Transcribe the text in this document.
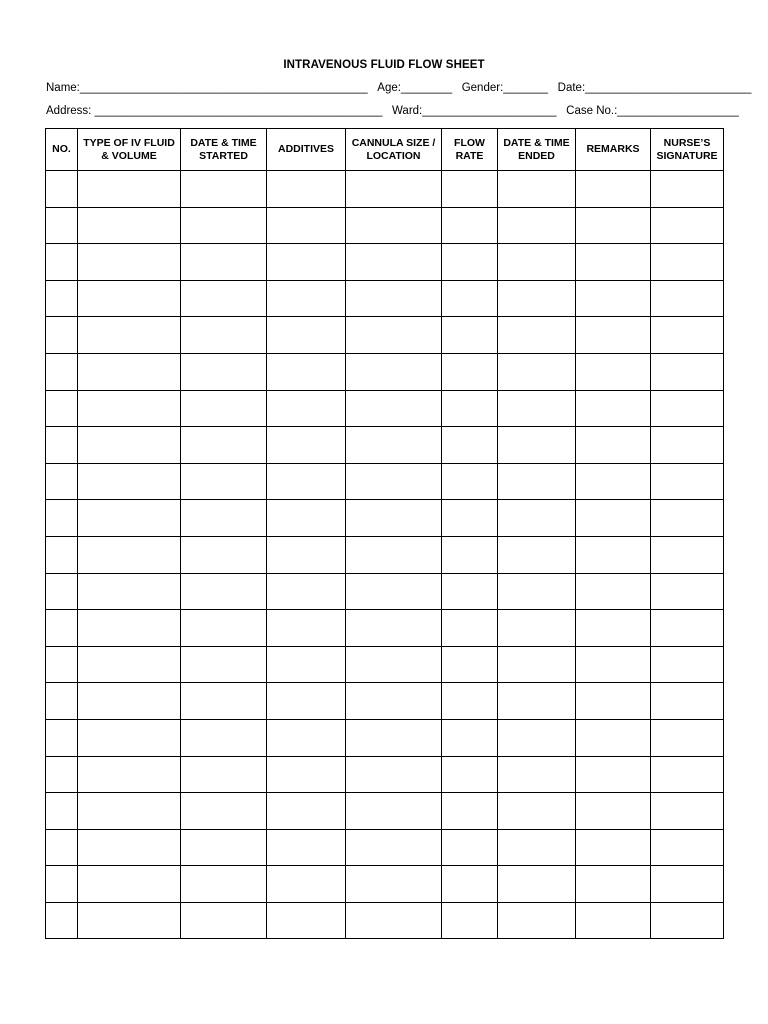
INTRAVENOUS FLUID FLOW SHEET
Name:_____________________________________________ Age:________ Gender:_______ Date:__________________________
Address: _____________________________________________ Ward:_____________________ Case No.:___________________
NO.	TYPE OF IV FLUID & VOLUME	DATE & TIME STARTED	ADDITIVES	CANNULA SIZE / LOCATION	FLOW RATE	DATE & TIME ENDED	REMARKS	NURSE’S SIGNATURE
